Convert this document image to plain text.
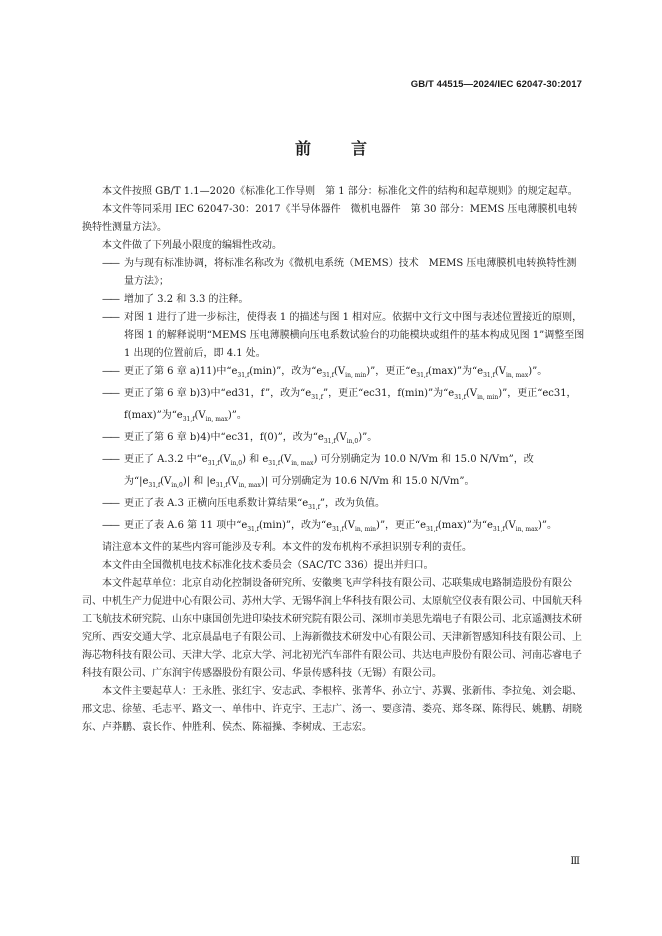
GB/T 44515—2024/IEC 62047-30:2017
前	言

本文件按照 GB/T 1.1—2020《标准化工作导则　第 1 部分：标准化文件的结构和起草规则》的规定起草。

本文件等同采用 IEC 62047-30：2017《半导体器件　微机电器件　第 30 部分：MEMS 压电薄膜机电转换特性测量方法》。

本文件做了下列最小限度的编辑性改动。

—— 为与现有标准协调，将标准名称改为《微机电系统（MEMS）技术　MEMS 压电薄膜机电转换特性测量方法》；

—— 增加了 3.2 和 3.3 的注释。

—— 对图 1 进行了进一步标注，使得表 1 的描述与图 1 相对应。依据中文行文中图与表述位置接近的原则，将图 1 的解释说明“MEMS 压电薄膜横向压电系数试验台的功能模块或组件的基本构成见图 1”调整至图 1 出现的位置前后，即 4.1 处。

—— 更正了第 6 章 a)11)中“$e_{31,f}(\min)$”，改为“$e_{31,f}(V_{in, min})$”，更正“$e_{31,f}(\max)$”为“$e_{31,f}(V_{in, max})$”。

—— 更正了第 6 章 b)3)中“ed31，f”，改为“$e_{31,f}$”，更正“ec31，f(min)”为“$e_{31,f}(V_{in, min})$”，更正“ec31，f(max)”为“$e_{31,f}(V_{in, max})$”。

—— 更正了第 6 章 b)4)中“ec31，f(0)”，改为“$e_{31,f}(V_{in,0})$”。

—— 更正了 A.3.2 中“$e_{31,f}(V_{in,0})$ 和 $e_{31,f}(V_{in, max})$ 可分别确定为 10.0 N/Vm 和 15.0 N/Vm”，改为“$|e_{31,f}(V_{in,0})|$ 和 $|e_{31,f}(V_{in, max})|$ 可分别确定为 10.6 N/Vm 和 15.0 N/Vm”。

—— 更正了表 A.3 正横向压电系数计算结果“$e_{31,f}$”，改为负值。

—— 更正了表 A.6 第 11 项中“$e_{31,f}(\min)$”，改为“$e_{31,f}(V_{in, min})$”，更正“$e_{31,f}(\max)$”为“$e_{31,f}(V_{in, max})$”。

请注意本文件的某些内容可能涉及专利。本文件的发布机构不承担识别专利的责任。

本文件由全国微机电技术标准化技术委员会（SAC/TC 336）提出并归口。

本文件起草单位：北京自动化控制设备研究所、安徽奥飞声学科技有限公司、芯联集成电路制造股份有限公司、中机生产力促进中心有限公司、苏州大学、无锡华润上华科技有限公司、太原航空仪表有限公司、中国航天科工飞航技术研究院、山东中康国创先进印染技术研究院有限公司、深圳市美思先端电子有限公司、北京遥测技术研究所、西安交通大学、北京晨晶电子有限公司、上海新微技术研发中心有限公司、天津新智感知科技有限公司、上海芯物科技有限公司、天津大学、北京大学、河北初光汽车部件有限公司、共达电声股份有限公司、河南芯睿电子科技有限公司、广东润宇传感器股份有限公司、华景传感科技（无锡）有限公司。

本文件主要起草人：王永胜、张红宇、安志武、李根梓、张菁华、孙立宁、苏翼、张新伟、李拉兔、刘会聪、邢文忠、徐堃、毛志平、路文一、单伟中、许克宇、王志广、汤一、要彦清、娄亮、郑冬琛、陈得民、姚鹏、胡晓东、卢莽鹏、袁长作、仲胜利、侯杰、陈福操、李树成、王志宏。

Ⅲ
